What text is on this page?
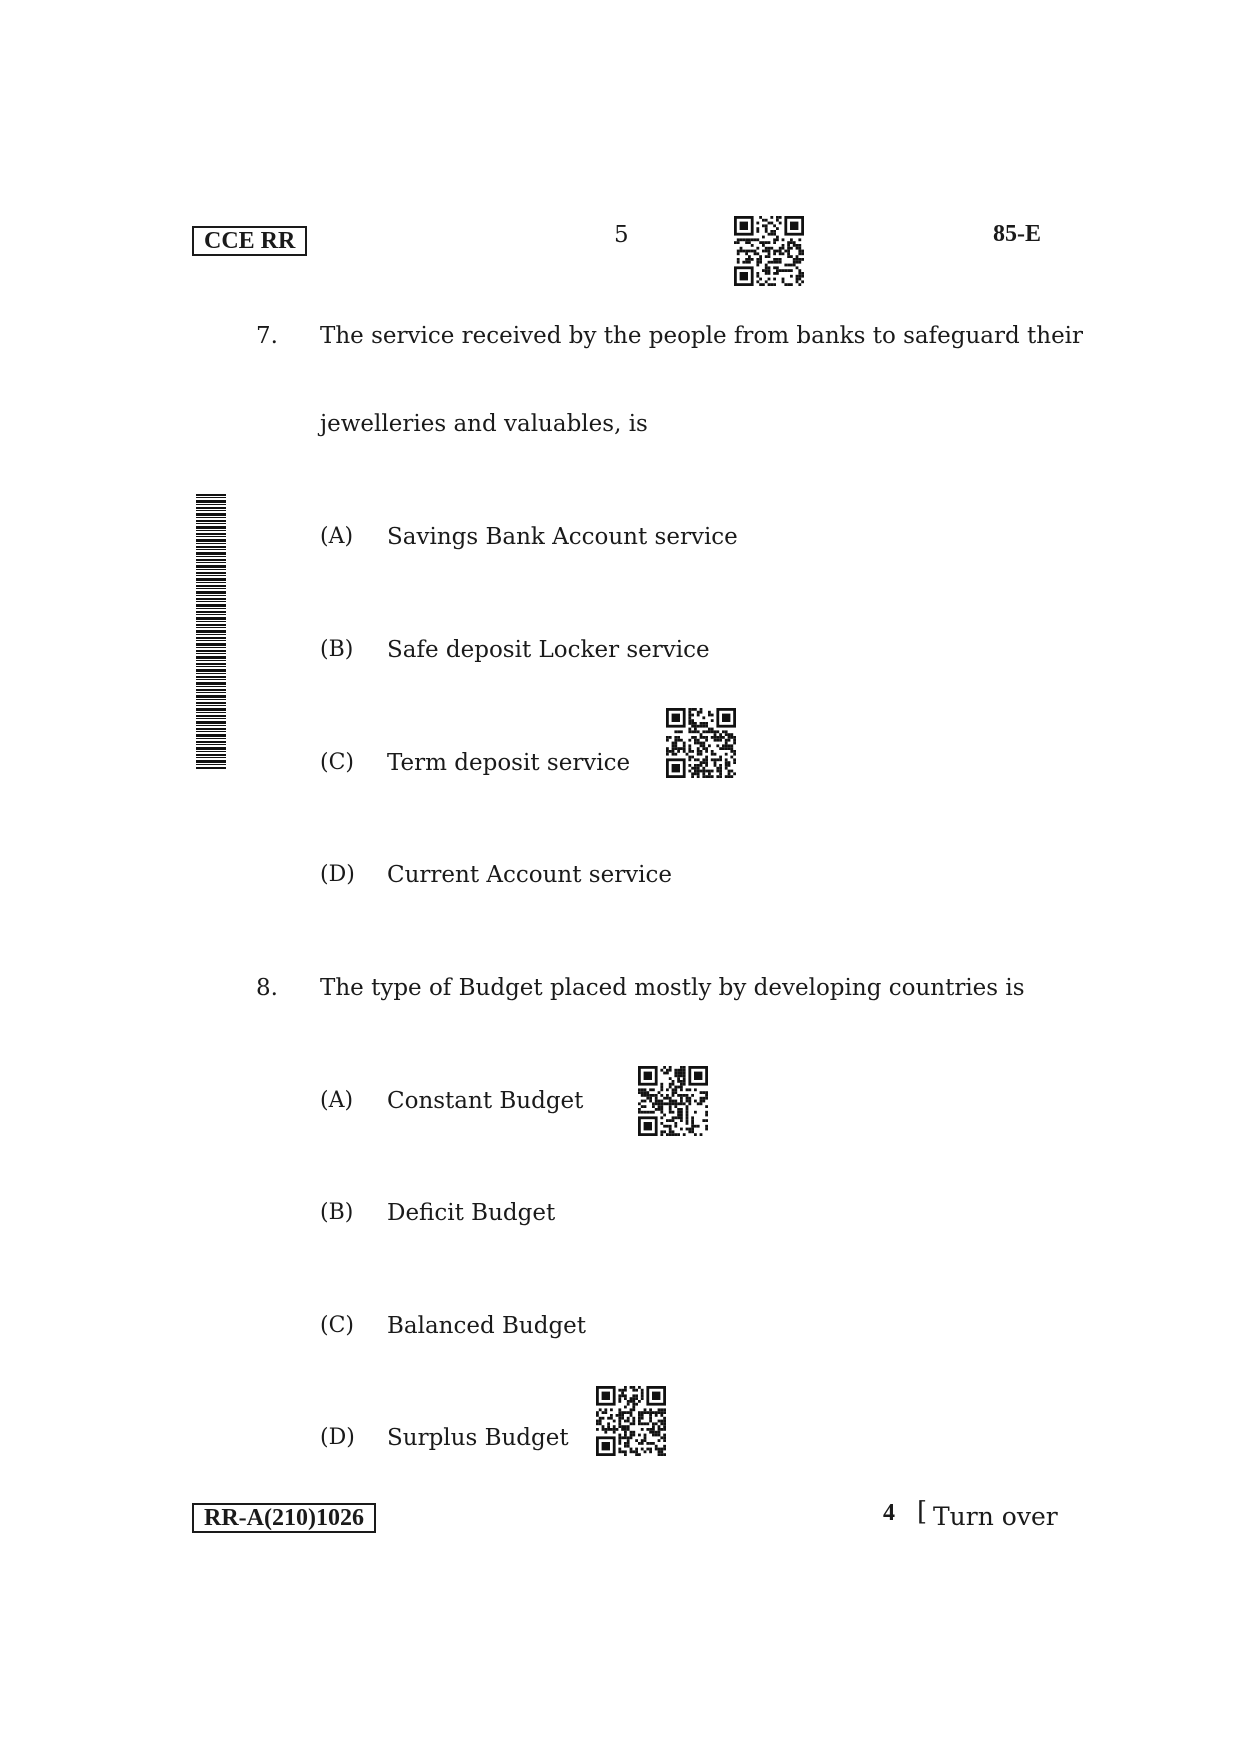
CCE RR	5	85-E
7. The service received by the people from banks to safeguard their
jewelleries and valuables, is
(A) Savings Bank Account service
(B) Safe deposit Locker service
(C) Term deposit service
(D) Current Account service
8. The type of Budget placed mostly by developing countries is
(A) Constant Budget
(B) Deficit Budget
(C) Balanced Budget
(D) Surplus Budget
RR-A(210)1026	4 [ Turn over
